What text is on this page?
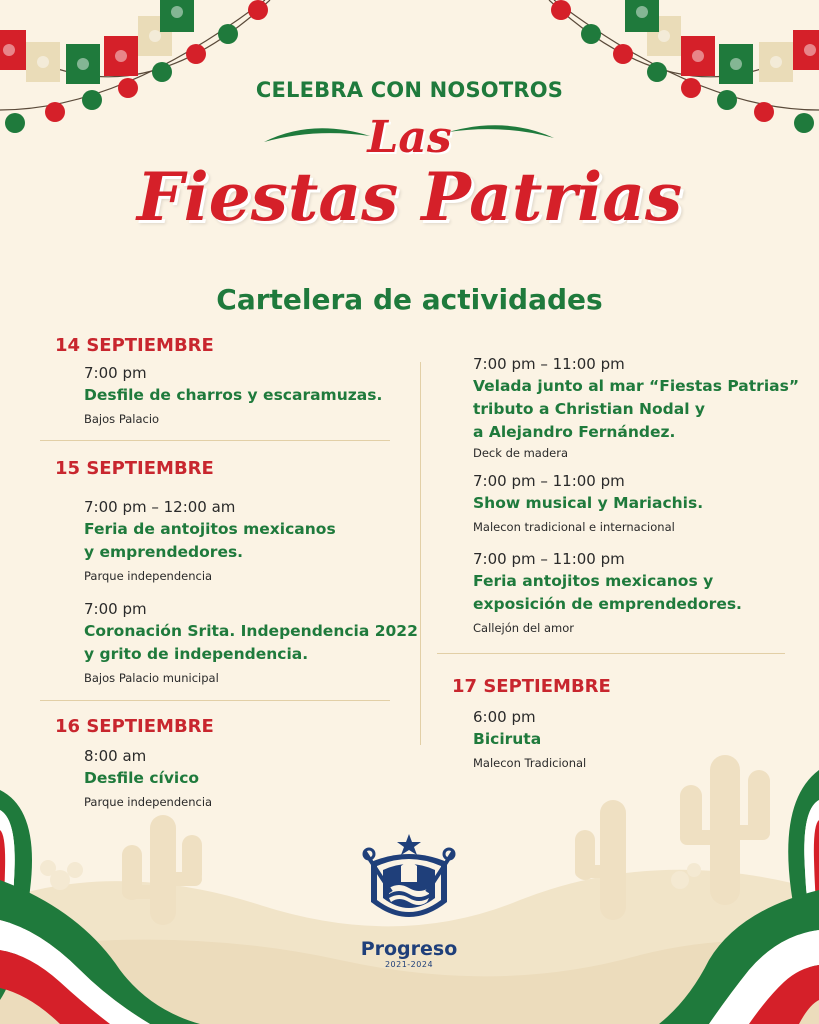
CELEBRA CON NOSOTROS
Las
Fiestas Patrias
Cartelera de actividades
14 SEPTIEMBRE
7:00 pm
Desfile de charros y escaramuzas.
Bajos Palacio
15 SEPTIEMBRE
7:00 pm – 12:00 am
Feria de antojitos mexicanos
y emprendedores.
Parque independencia
7:00 pm
Coronación Srita. Independencia 2022
y grito de independencia.
Bajos Palacio municipal
16 SEPTIEMBRE
8:00 am
Desfile cívico
Parque independencia
7:00 pm – 11:00 pm
Velada junto al mar “Fiestas Patrias”
tributo a Christian Nodal y
a Alejandro Fernández.
Deck de madera
7:00 pm – 11:00 pm
Show musical y Mariachis.
Malecon tradicional e internacional
7:00 pm – 11:00 pm
Feria antojitos mexicanos y
exposición de emprendedores.
Callejón del amor
17 SEPTIEMBRE
6:00 pm
Biciruta
Malecon Tradicional
Progreso
2021-2024
